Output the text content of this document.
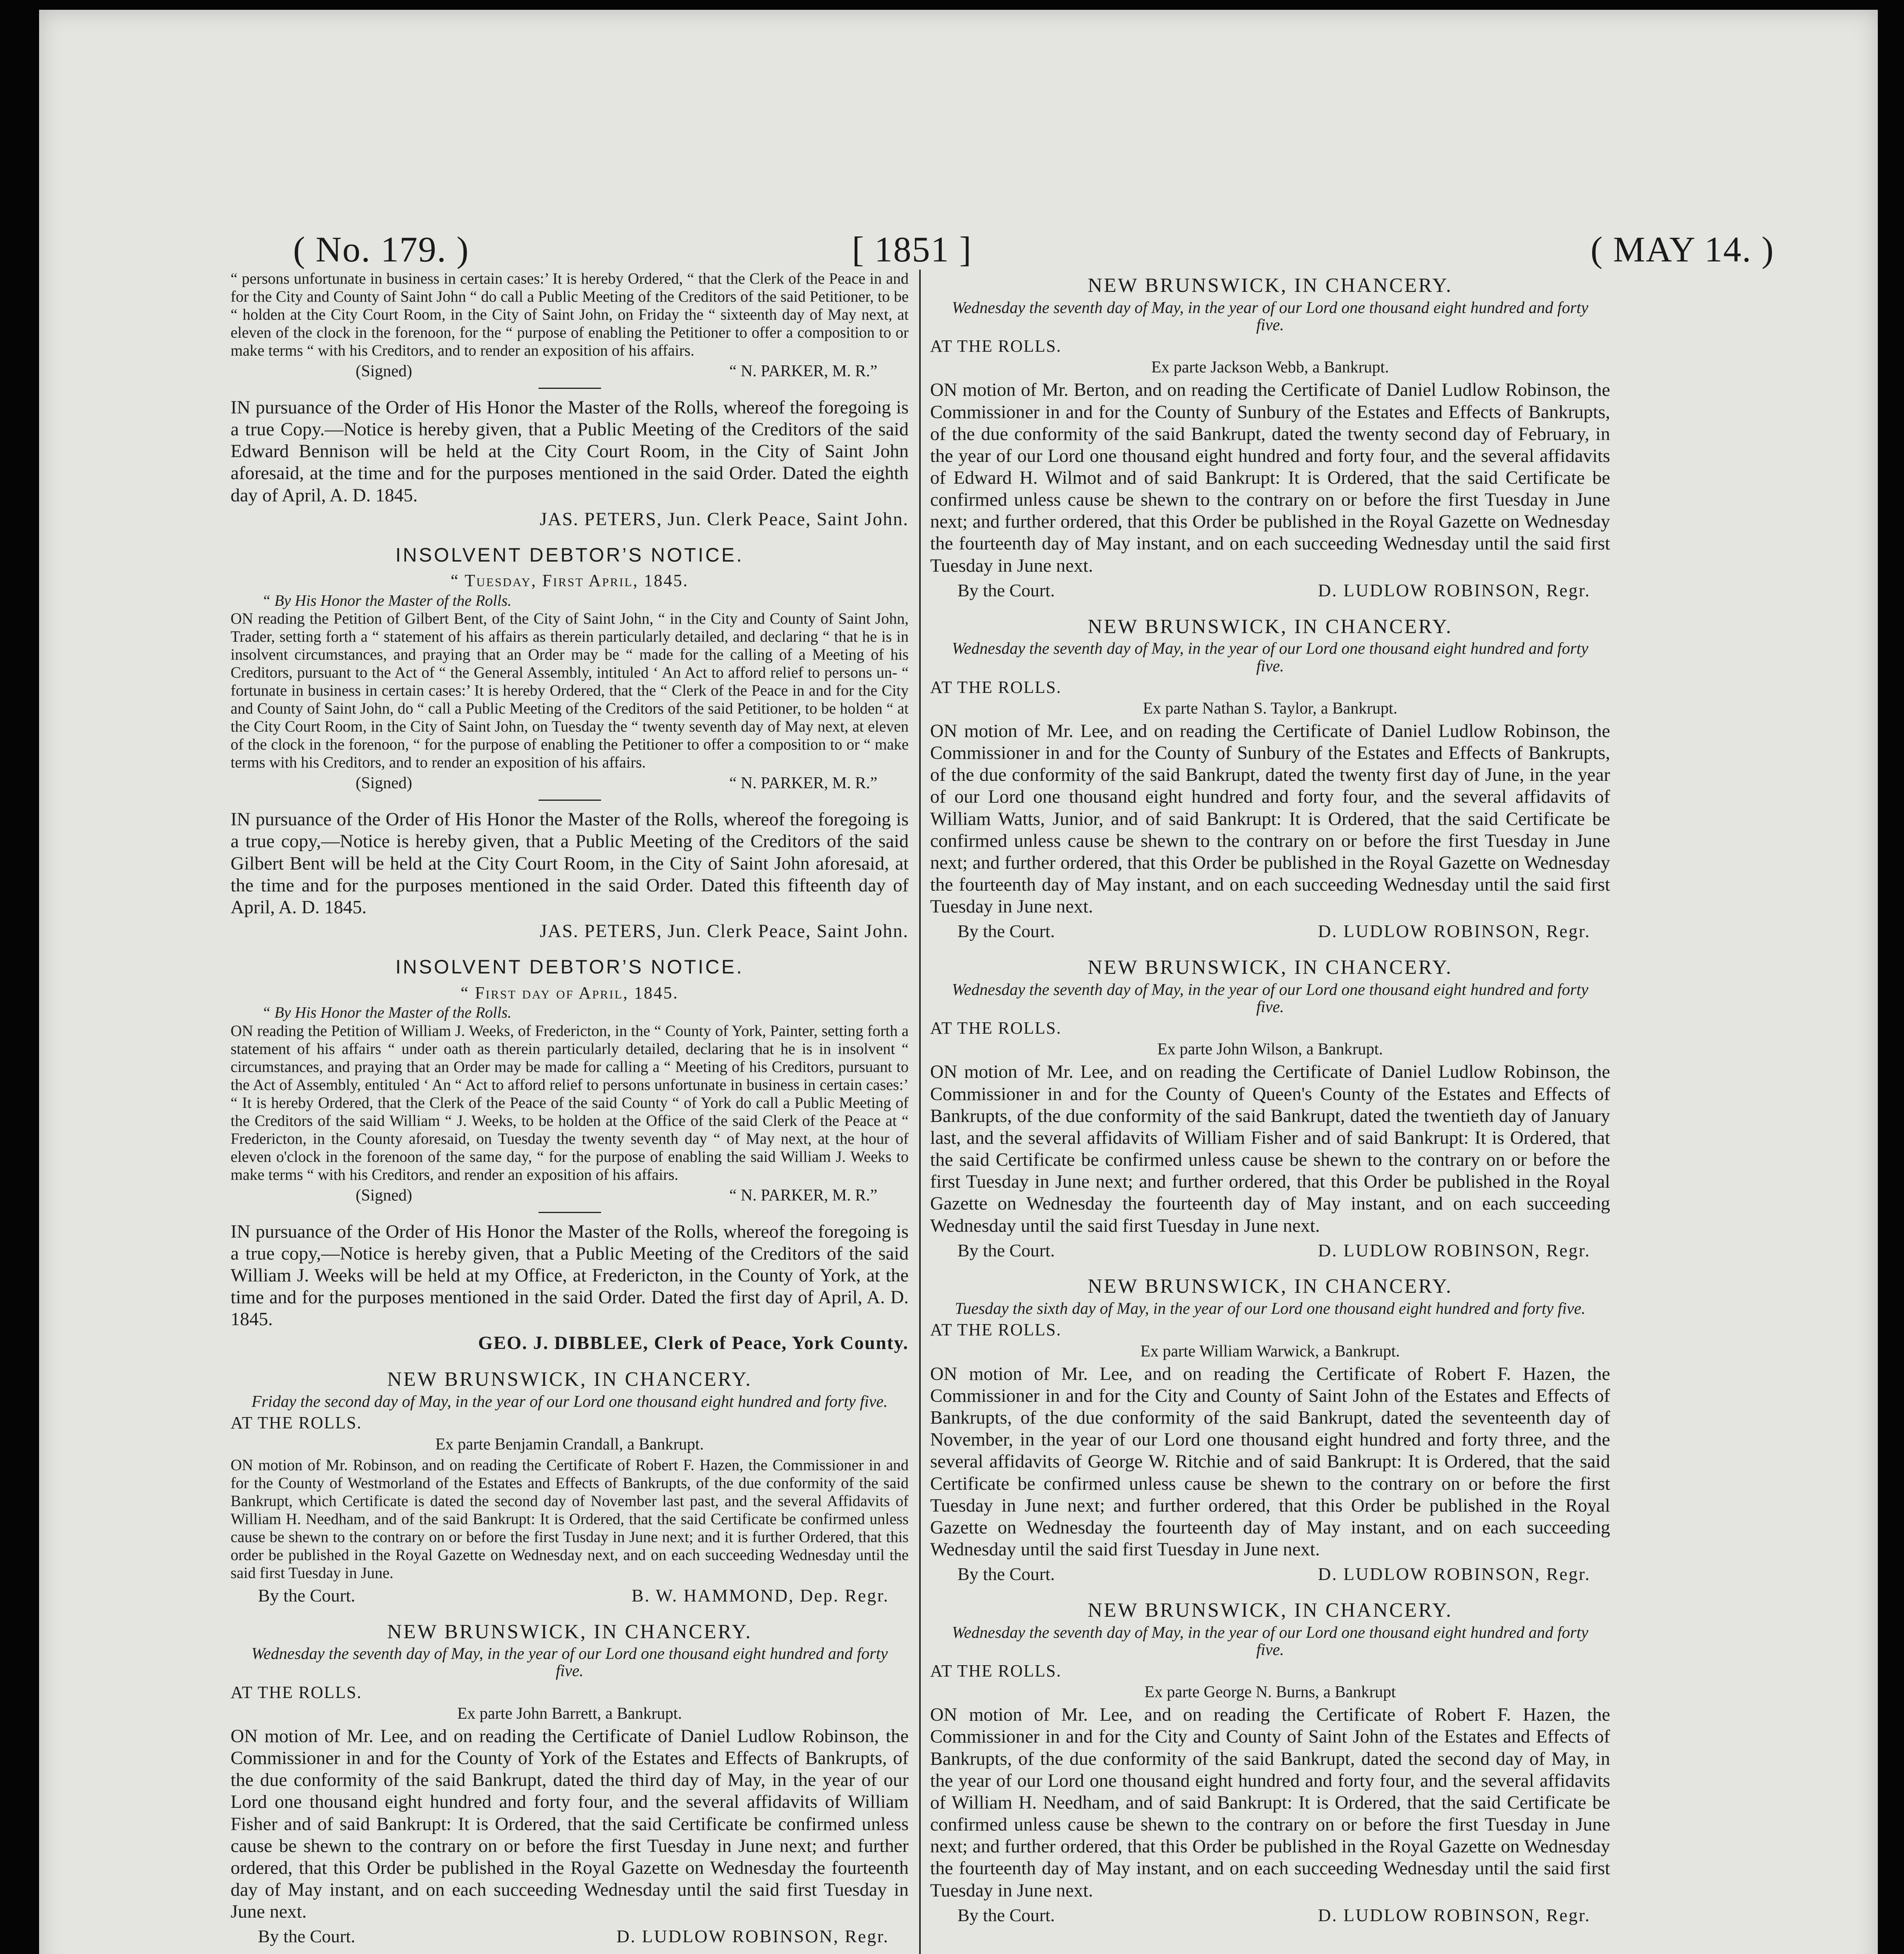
( No. 179. )	[ 1851 ]	( MAY 14. )

“ persons unfortunate in business in certain cases:’ It is hereby Ordered, “ that the Clerk of the Peace in and for the City and County of Saint John “ do call a Public Meeting of the Creditors of the said Petitioner, to be “ holden at the City Court Room, in the City of Saint John, on Friday the “ sixteenth day of May next, at eleven of the clock in the forenoon, for the “ purpose of enabling the Petitioner to offer a composition to or make terms “ with his Creditors, and to render an exposition of his affairs.

(Signed)	“ N. PARKER, M. R.”

IN pursuance of the Order of His Honor the Master of the Rolls, whereof the foregoing is a true Copy.—Notice is hereby given, that a Public Meeting of the Creditors of the said Edward Bennison will be held at the City Court Room, in the City of Saint John aforesaid, at the time and for the purposes mentioned in the said Order. Dated the eighth day of April, A. D. 1845.

JAS. PETERS, Jun. Clerk Peace, Saint John.
INSOLVENT DEBTOR’S NOTICE.
“ Tuesday, First April, 1845.
“ By His Honor the Master of the Rolls.

ON reading the Petition of Gilbert Bent, of the City of Saint John, “ in the City and County of Saint John, Trader, setting forth a “ statement of his affairs as therein particularly detailed, and declaring “ that he is in insolvent circumstances, and praying that an Order may be “ made for the calling of a Meeting of his Creditors, pursuant to the Act of “ the General Assembly, intituled ‘ An Act to afford relief to persons un- “ fortunate in business in certain cases:’ It is hereby Ordered, that the “ Clerk of the Peace in and for the City and County of Saint John, do “ call a Public Meeting of the Creditors of the said Petitioner, to be holden “ at the City Court Room, in the City of Saint John, on Tuesday the “ twenty seventh day of May next, at eleven of the clock in the forenoon, “ for the purpose of enabling the Petitioner to offer a composition to or “ make terms with his Creditors, and to render an exposition of his affairs.

(Signed)	“ N. PARKER, M. R.”

IN pursuance of the Order of His Honor the Master of the Rolls, whereof the foregoing is a true copy,—Notice is hereby given, that a Public Meeting of the Creditors of the said Gilbert Bent will be held at the City Court Room, in the City of Saint John aforesaid, at the time and for the purposes mentioned in the said Order. Dated this fifteenth day of April, A. D. 1845.

JAS. PETERS, Jun. Clerk Peace, Saint John.
INSOLVENT DEBTOR’S NOTICE.
“ First day of April, 1845.
“ By His Honor the Master of the Rolls.

ON reading the Petition of William J. Weeks, of Fredericton, in the “ County of York, Painter, setting forth a statement of his affairs “ under oath as therein particularly detailed, declaring that he is in insolvent “ circumstances, and praying that an Order may be made for calling a “ Meeting of his Creditors, pursuant to the Act of Assembly, entituled ‘ An “ Act to afford relief to persons unfortunate in business in certain cases:’ “ It is hereby Ordered, that the Clerk of the Peace of the said County “ of York do call a Public Meeting of the Creditors of the said William “ J. Weeks, to be holden at the Office of the said Clerk of the Peace at “ Fredericton, in the County aforesaid, on Tuesday the twenty seventh day “ of May next, at the hour of eleven o'clock in the forenoon of the same day, “ for the purpose of enabling the said William J. Weeks to make terms “ with his Creditors, and render an exposition of his affairs.

(Signed)	“ N. PARKER, M. R.”

IN pursuance of the Order of His Honor the Master of the Rolls, whereof the foregoing is a true copy,—Notice is hereby given, that a Public Meeting of the Creditors of the said William J. Weeks will be held at my Office, at Fredericton, in the County of York, at the time and for the purposes mentioned in the said Order. Dated the first day of April, A. D. 1845.

GEO. J. DIBBLEE, Clerk of Peace, York County.
NEW BRUNSWICK, IN CHANCERY.
Friday the second day of May, in the year of our Lord one thousand eight hundred and forty five.
AT THE ROLLS.
Ex parte Benjamin Crandall, a Bankrupt.

ON motion of Mr. Robinson, and on reading the Certificate of Robert F. Hazen, the Commissioner in and for the County of Westmorland of the Estates and Effects of Bankrupts, of the due conformity of the said Bankrupt, which Certificate is dated the second day of November last past, and the several Affidavits of William H. Needham, and of the said Bankrupt: It is Ordered, that the said Certificate be confirmed unless cause be shewn to the contrary on or before the first Tusday in June next; and it is further Ordered, that this order be published in the Royal Gazette on Wednesday next, and on each succeeding Wednesday until the said first Tuesday in June.

By the Court.	B. W. HAMMOND, Dep. Regr.
NEW BRUNSWICK, IN CHANCERY.
Wednesday the seventh day of May, in the year of our Lord one thousand eight hundred and forty five.
AT THE ROLLS.
Ex parte John Barrett, a Bankrupt.

ON motion of Mr. Lee, and on reading the Certificate of Daniel Ludlow Robinson, the Commissioner in and for the County of York of the Estates and Effects of Bankrupts, of the due conformity of the said Bankrupt, dated the third day of May, in the year of our Lord one thousand eight hundred and forty four, and the several affidavits of William Fisher and of said Bankrupt: It is Ordered, that the said Certificate be confirmed unless cause be shewn to the contrary on or before the first Tuesday in June next; and further ordered, that this Order be published in the Royal Gazette on Wednesday the fourteenth day of May instant, and on each succeeding Wednesday until the said first Tuesday in June next.

By the Court.	D. LUDLOW ROBINSON, Regr.
NEW BRUNSWICK, IN CHANCERY.
Wednesday the seventh day of May, in the year of our Lord one thousand eight hundred and forty five.
AT THE ROLLS.
Ex parte Jackson Webb, a Bankrupt.

ON motion of Mr. Berton, and on reading the Certificate of Daniel Ludlow Robinson, the Commissioner in and for the County of Sunbury of the Estates and Effects of Bankrupts, of the due conformity of the said Bankrupt, dated the twenty second day of February, in the year of our Lord one thousand eight hundred and forty four, and the several affidavits of Edward H. Wilmot and of said Bankrupt: It is Ordered, that the said Certificate be confirmed unless cause be shewn to the contrary on or before the first Tuesday in June next; and further ordered, that this Order be published in the Royal Gazette on Wednesday the fourteenth day of May instant, and on each succeeding Wednesday until the said first Tuesday in June next.

By the Court.	D. LUDLOW ROBINSON, Regr.
NEW BRUNSWICK, IN CHANCERY.
Wednesday the seventh day of May, in the year of our Lord one thousand eight hundred and forty five.
AT THE ROLLS.
Ex parte Nathan S. Taylor, a Bankrupt.

ON motion of Mr. Lee, and on reading the Certificate of Daniel Ludlow Robinson, the Commissioner in and for the County of Sunbury of the Estates and Effects of Bankrupts, of the due conformity of the said Bankrupt, dated the twenty first day of June, in the year of our Lord one thousand eight hundred and forty four, and the several affidavits of William Watts, Junior, and of said Bankrupt: It is Ordered, that the said Certificate be confirmed unless cause be shewn to the contrary on or before the first Tuesday in June next; and further ordered, that this Order be published in the Royal Gazette on Wednesday the fourteenth day of May instant, and on each succeeding Wednesday until the said first Tuesday in June next.

By the Court.	D. LUDLOW ROBINSON, Regr.
NEW BRUNSWICK, IN CHANCERY.
Wednesday the seventh day of May, in the year of our Lord one thousand eight hundred and forty five.
AT THE ROLLS.
Ex parte John Wilson, a Bankrupt.

ON motion of Mr. Lee, and on reading the Certificate of Daniel Ludlow Robinson, the Commissioner in and for the County of Queen's County of the Estates and Effects of Bankrupts, of the due conformity of the said Bankrupt, dated the twentieth day of January last, and the several affidavits of William Fisher and of said Bankrupt: It is Ordered, that the said Certificate be confirmed unless cause be shewn to the contrary on or before the first Tuesday in June next; and further ordered, that this Order be published in the Royal Gazette on Wednesday the fourteenth day of May instant, and on each succeeding Wednesday until the said first Tuesday in June next.

By the Court.	D. LUDLOW ROBINSON, Regr.
NEW BRUNSWICK, IN CHANCERY.
Tuesday the sixth day of May, in the year of our Lord one thousand eight hundred and forty five.
AT THE ROLLS.
Ex parte William Warwick, a Bankrupt.

ON motion of Mr. Lee, and on reading the Certificate of Robert F. Hazen, the Commissioner in and for the City and County of Saint John of the Estates and Effects of Bankrupts, of the due conformity of the said Bankrupt, dated the seventeenth day of November, in the year of our Lord one thousand eight hundred and forty three, and the several affidavits of George W. Ritchie and of said Bankrupt: It is Ordered, that the said Certificate be confirmed unless cause be shewn to the contrary on or before the first Tuesday in June next; and further ordered, that this Order be published in the Royal Gazette on Wednesday the fourteenth day of May instant, and on each succeeding Wednesday until the said first Tuesday in June next.

By the Court.	D. LUDLOW ROBINSON, Regr.
NEW BRUNSWICK, IN CHANCERY.
Wednesday the seventh day of May, in the year of our Lord one thousand eight hundred and forty five.
AT THE ROLLS.
Ex parte George N. Burns, a Bankrupt

ON motion of Mr. Lee, and on reading the Certificate of Robert F. Hazen, the Commissioner in and for the City and County of Saint John of the Estates and Effects of Bankrupts, of the due conformity of the said Bankrupt, dated the second day of May, in the year of our Lord one thousand eight hundred and forty four, and the several affidavits of William H. Needham, and of said Bankrupt: It is Ordered, that the said Certificate be confirmed unless cause be shewn to the contrary on or before the first Tuesday in June next; and further ordered, that this Order be published in the Royal Gazette on Wednesday the fourteenth day of May instant, and on each succeeding Wednesday until the said first Tuesday in June next.

By the Court.	D. LUDLOW ROBINSON, Regr.
